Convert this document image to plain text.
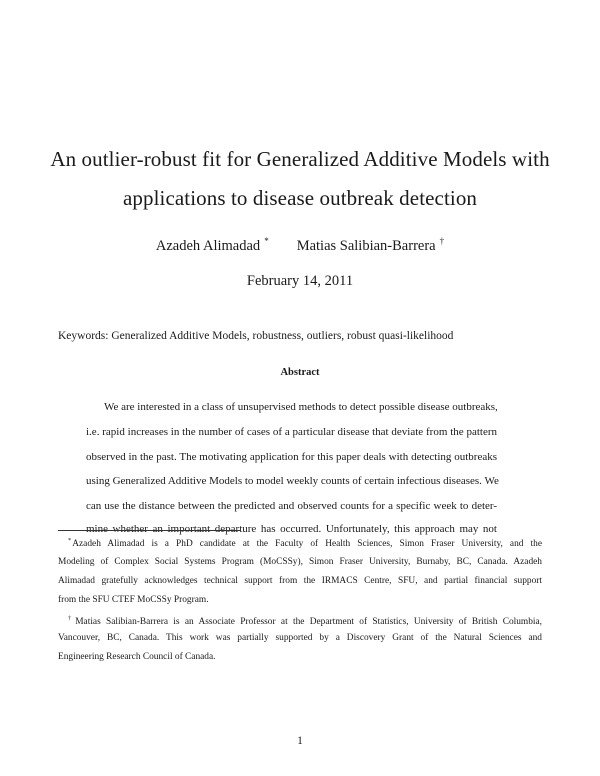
An outlier-robust fit for Generalized Additive Models with
applications to disease outbreak detection
Azadeh Alimadad * Matias Salibian-Barrera †
February 14, 2011
Keywords: Generalized Additive Models, robustness, outliers, robust quasi-likelihood
Abstract
We are interested in a class of unsupervised methods to detect possible disease outbreaks,
i.e. rapid increases in the number of cases of a particular disease that deviate from the pattern
observed in the past. The motivating application for this paper deals with detecting outbreaks
using Generalized Additive Models to model weekly counts of certain infectious diseases. We
can use the distance between the predicted and observed counts for a specific week to deter-
mine whether an important departure has occurred. Unfortunately, this approach may not
*Azadeh Alimadad is a PhD candidate at the Faculty of Health Sciences, Simon Fraser University, and the
Modeling of Complex Social Systems Program (MoCSSy), Simon Fraser University, Burnaby, BC, Canada. Azadeh
Alimadad gratefully acknowledges technical support from the IRMACS Centre, SFU, and partial financial support
from the SFU CTEF MoCSSy Program.
†Matias Salibian-Barrera is an Associate Professor at the Department of Statistics, University of British Columbia,
Vancouver, BC, Canada. This work was partially supported by a Discovery Grant of the Natural Sciences and
Engineering Research Council of Canada.
1
